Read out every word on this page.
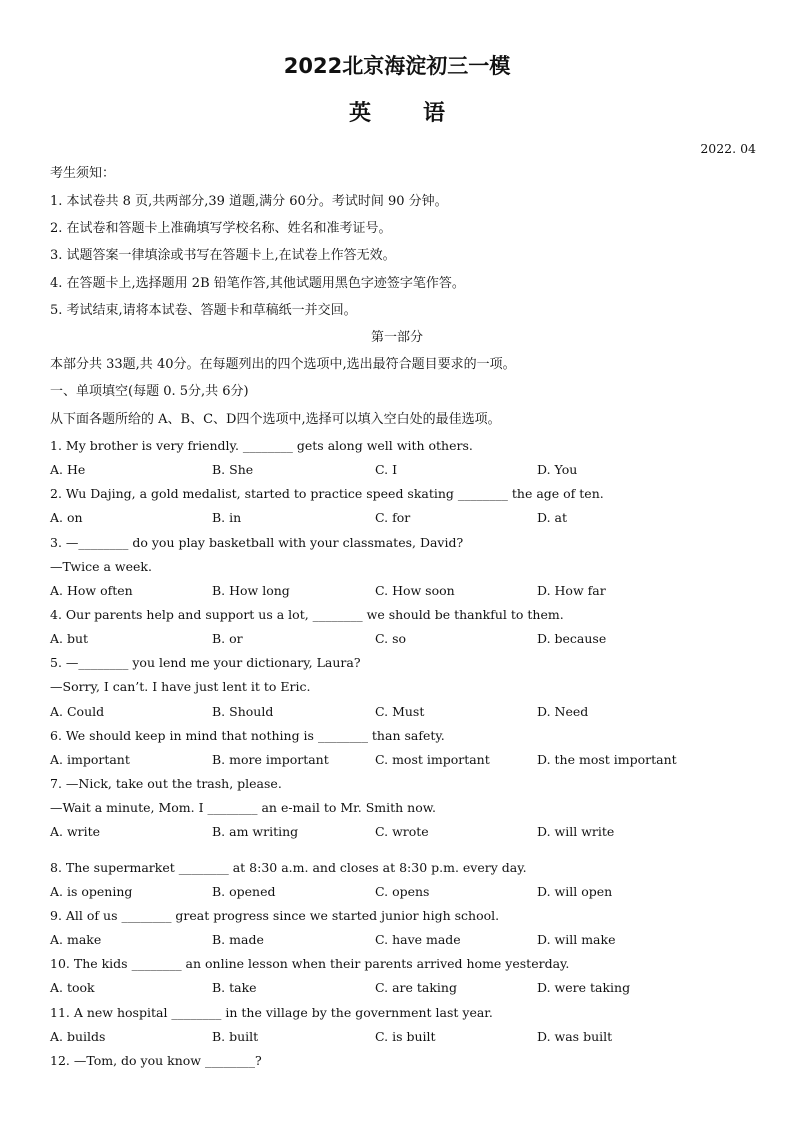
2022北京海淀初三一模
英语
2022. 04
考生须知：
1. 本试卷共 8 页,共两部分,39 道题,满分 60分。考试时间 90 分钟。
2. 在试卷和答题卡上准确填写学校名称、姓名和准考证号。
3. 试题答案一律填涂或书写在答题卡上,在试卷上作答无效。
4. 在答题卡上,选择题用 2B 铅笔作答,其他试题用黑色字迹签字笔作答。
5. 考试结束,请将本试卷、答题卡和草稿纸一并交回。
第一部分
本部分共 33题,共 40分。在每题列出的四个选项中,选出最符合题目要求的一项。
一、单项填空(每题 0. 5分,共 6分)
从下面各题所给的 A、B、C、D四个选项中,选择可以填入空白处的最佳选项。
1. My brother is very friendly. ________ gets along well with others.
A. He	B. She	C. I	D. You
2. Wu Dajing, a gold medalist, started to practice speed skating ________ the age of ten.
A. on	B. in	C. for	D. at
3. —________ do you play basketball with your classmates, David?
—Twice a week.
A. How often	B. How long	C. How soon	D. How far
4. Our parents help and support us a lot, ________ we should be thankful to them.
A. but	B. or	C. so	D. because
5. —________ you lend me your dictionary, Laura?
—Sorry, I can’t. I have just lent it to Eric.
A. Could	B. Should	C. Must	D. Need
6. We should keep in mind that nothing is ________ than safety.
A. important	B. more important	C. most important	D. the most important
7. —Nick, take out the trash, please.
—Wait a minute, Mom. I ________ an e-mail to Mr. Smith now.
A. write	B. am writing	C. wrote	D. will write
8. The supermarket ________ at 8:30 a.m. and closes at 8:30 p.m. every day.
A. is opening	B. opened	C. opens	D. will open
9. All of us ________ great progress since we started junior high school.
A. make	B. made	C. have made	D. will make
10. The kids ________ an online lesson when their parents arrived home yesterday.
A. took	B. take	C. are taking	D. were taking
11. A new hospital ________ in the village by the government last year.
A. builds	B. built	C. is built	D. was built
12. —Tom, do you know ________?
